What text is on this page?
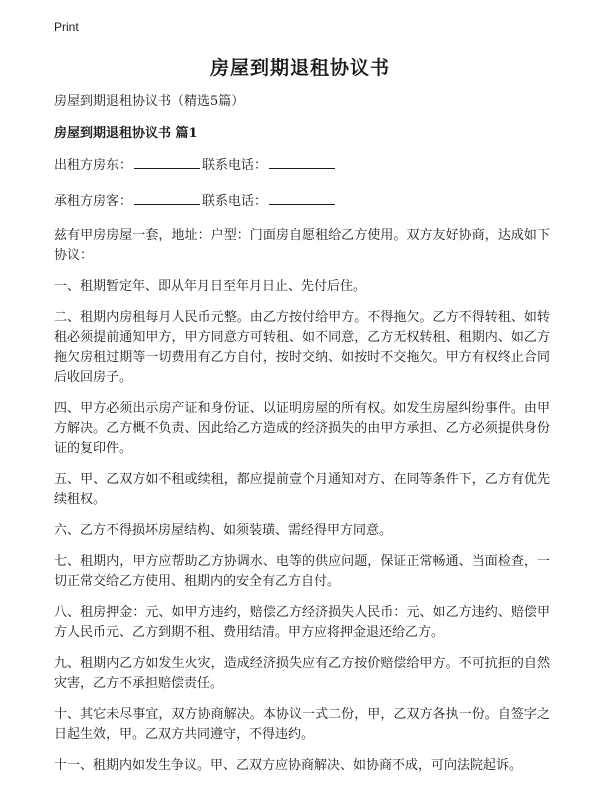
Print
房屋到期退租协议书

房屋到期退租协议书（精选5篇）

房屋到期退租协议书 篇1

出租方房东：	联系电话：

承租方房客：	联系电话：

兹有甲房房屋一套，地址：户型：门面房自愿租给乙方使用。双方友好协商，达成如下协议：

一、租期暂定年、即从年月日至年月日止、先付后住。

二、租期内房租每月人民币元整。由乙方按付给甲方。不得拖欠。乙方不得转租、如转租必须提前通知甲方，甲方同意方可转租、如不同意，乙方无权转租、租期内、如乙方拖欠房租过期等一切费用有乙方自付，按时交纳、如按时不交拖欠。甲方有权终止合同后收回房子。

四、甲方必须出示房产证和身份证、以证明房屋的所有权。如发生房屋纠纷事件。由甲方解决。乙方概不负责、因此给乙方造成的经济损失的由甲方承担、乙方必须提供身份证的复印件。

五、甲、乙双方如不租或续租，都应提前壹个月通知对方、在同等条件下，乙方有优先续租权。

六、乙方不得损坏房屋结构、如须装璜、需经得甲方同意。

七、租期内，甲方应帮助乙方协调水、电等的供应问题，保证正常畅通、当面检查，一切正常交给乙方使用、租期内的安全有乙方自付。

八、租房押金：元、如甲方违约，赔偿乙方经济损失人民币：元、如乙方违约、赔偿甲方人民币元、乙方到期不租、费用结清。甲方应将押金退还给乙方。

九、租期内乙方如发生火灾，造成经济损失应有乙方按价赔偿给甲方。不可抗拒的自然灾害，乙方不承担赔偿责任。

十、其它未尽事宜，双方协商解决。本协议一式二份，甲，乙双方各执一份。自签字之日起生效，甲。乙双方共同遵守，不得违约。

十一、租期内如发生争议。甲、乙双方应协商解决、如协商不成，可向法院起诉。
